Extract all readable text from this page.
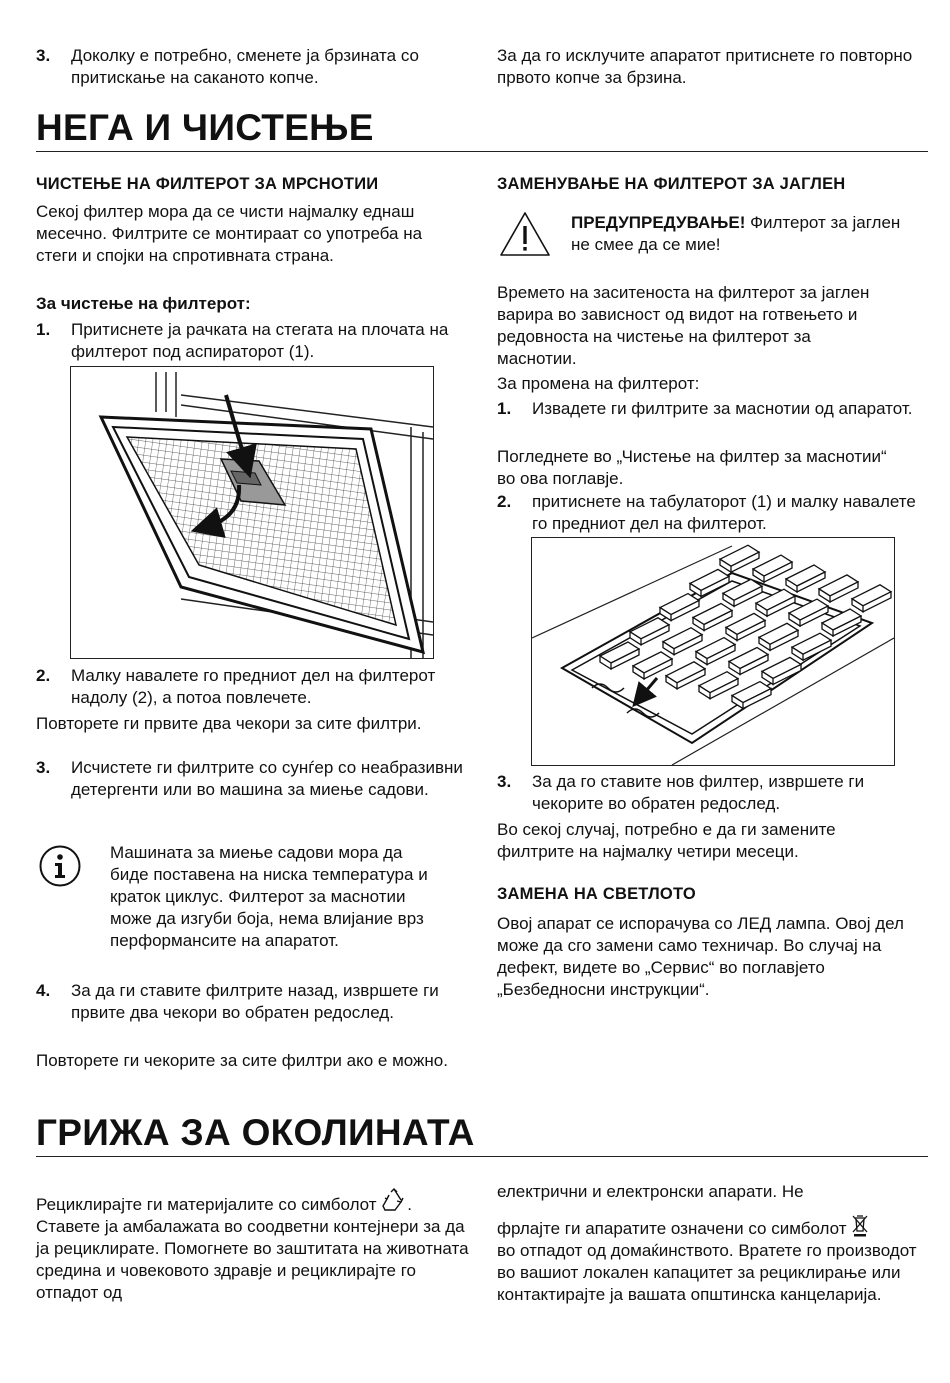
3. Доколку е потребно, сменете ја брзината со притискање на саканото копче.

За да го исклучите апаратот притиснете го повторно првото копче за брзина.

НЕГА И ЧИСТЕЊЕ
ЧИСТЕЊЕ НА ФИЛТЕРОТ ЗА МРСНОТИИ

Секој филтер мора да се чисти најмалку еднаш месечно. Филтрите се монтираат со употреба на стеги и спојки на спротивната страна.

За чистење на филтерот:

1. Притиснете ја рачката на стегата на плочата на филтерот под аспираторот (1).
2. Малку навалете го предниот дел на филтерот надолу (2), а потоа повлечете.

Повторете ги првите два чекори за сите филтри.

3. Исчистете ги филтрите со сунѓер со неабразивни детергенти или во машина за миење садови.

Машината за миење садови мора да биде поставена на ниска температура и краток циклус. Филтерот за маснотии може да изгуби боја, нема влијание врз перформансите на апаратот.

4. За да ги ставите филтрите назад, извршете ги првите два чекори во обратен редослед.

Повторете ги чекорите за сите филтри ако е можно.

ЗАМЕНУВАЊЕ НА ФИЛТЕРОТ ЗА ЈАГЛЕН

ПРЕДУПРЕДУВАЊЕ! Филтерот за јаглен не смее да се мие!

Времето на заситеноста на филтерот за јаглен варира во зависност од видот на готвењето и редовноста на чистење на филтерот за маснотии.

За промена на филтерот:

1. Извадете ги филтрите за маснотии од апаратот.

Погледнете во „Чистење на филтер за маснотии“ во ова поглавје.

2. притиснете на табулаторот (1) и малку навалете го предниот дел на филтерот.
3. За да го ставите нов филтер, извршете ги чекорите во обратен редослед.

Во секој случај, потребно е да ги замените филтрите на најмалку четири месеци.

ЗАМЕНА НА СВЕТЛОТО

Овој апарат се испорачува со ЛЕД лампа. Овој дел може да сго замени само техничар. Во случај на дефект, видете во „Сервис“ во поглавјето „Безбедносни инструкции“.

ГРИЖА ЗА ОКОЛИНАТА

Рециклирајте ги материјалите со симболот .
Ставете ја амбалажата во соодветни контејнери за да ја рециклирате. Помогнете во заштитата на животната средина и човековото здравје и рециклирајте го отпадот од

електрични и електронски апарати. Не

фрлајте ги апаратите означени со симболот
во отпадот од домаќинството. Вратете го производот во вашиот локален капацитет за рециклирање или контактирајте ја вашата општинска канцеларија.
